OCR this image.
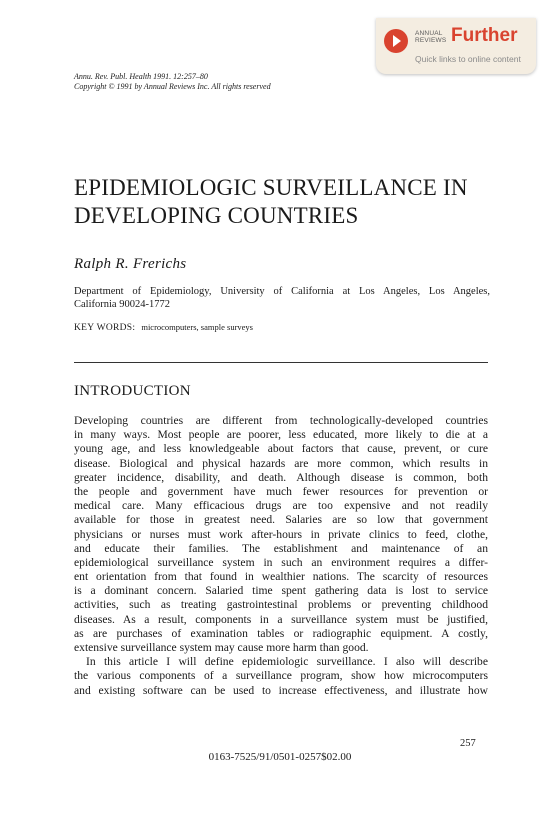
ANNUAL
REVIEWS Further
Quick links to online content
Annu. Rev. Publ. Health 1991. 12:257–80
Copyright © 1991 by Annual Reviews Inc. All rights reserved
EPIDEMIOLOGIC SURVEILLANCE IN
DEVELOPING COUNTRIES
Ralph R. Frerichs
Department of Epidemiology, University of California at Los Angeles, Los Angeles,
California 90024-1772
KEY WORDS: microcomputers, sample surveys
INTRODUCTION
Developing countries are different from technologically-developed countries
in many ways. Most people are poorer, less educated, more likely to die at a
young age, and less knowledgeable about factors that cause, prevent, or cure
disease. Biological and physical hazards are more common, which results in
greater incidence, disability, and death. Although disease is common, both
the people and government have much fewer resources for prevention or
medical care. Many efficacious drugs are too expensive and not readily
available for those in greatest need. Salaries are so low that government
physicians or nurses must work after-hours in private clinics to feed, clothe,
and educate their families. The establishment and maintenance of an
epidemiological surveillance system in such an environment requires a differ-
ent orientation from that found in wealthier nations. The scarcity of resources
is a dominant concern. Salaried time spent gathering data is lost to service
activities, such as treating gastrointestinal problems or preventing childhood
diseases. As a result, components in a surveillance system must be justified,
as are purchases of examination tables or radiographic equipment. A costly,
extensive surveillance system may cause more harm than good.
In this article I will define epidemiologic surveillance. I also will describe
the various components of a surveillance program, show how microcomputers
and existing software can be used to increase effectiveness, and illustrate how
257
0163-7525/91/0501-0257$02.00
